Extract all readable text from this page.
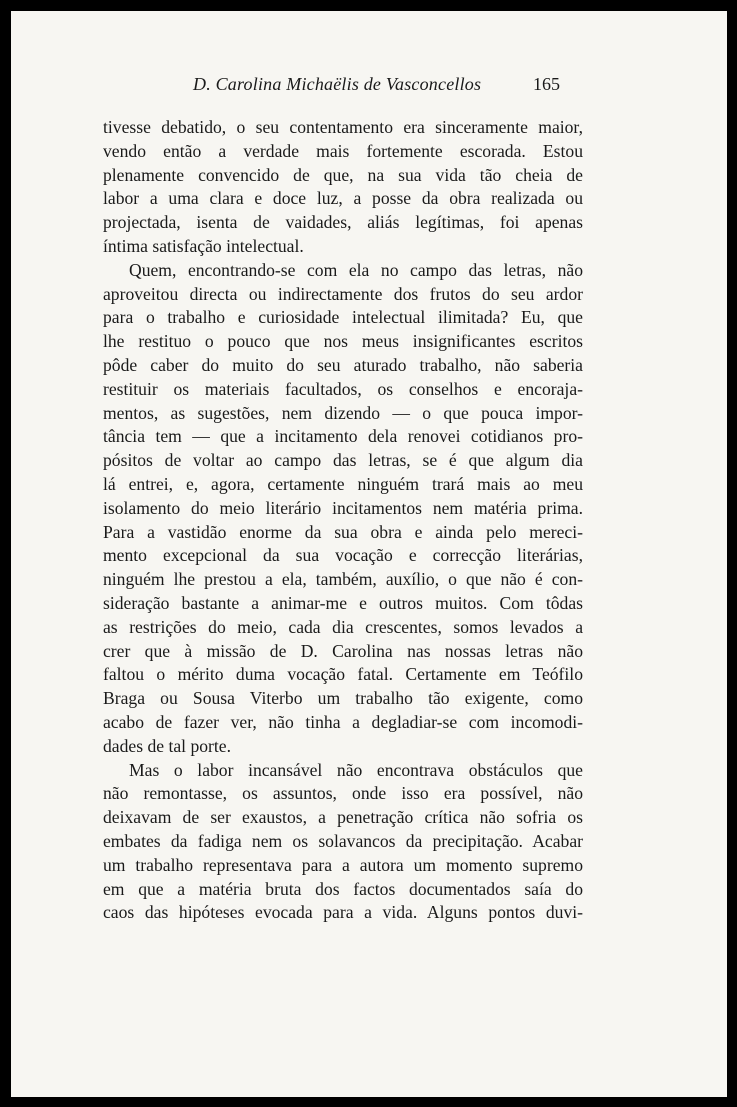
D. Carolina Michaëlis de Vasconcellos	165
tivesse debatido, o seu contentamento era sinceramente maior,
vendo então a verdade mais fortemente escorada. Estou
plenamente convencido de que, na sua vida tão cheia de
labor a uma clara e doce luz, a posse da obra realizada ou
projectada, isenta de vaidades, aliás legítimas, foi apenas
íntima satisfação intelectual.
Quem, encontrando-se com ela no campo das letras, não
aproveitou directa ou indirectamente dos frutos do seu ardor
para o trabalho e curiosidade intelectual ilimitada? Eu, que
lhe restituo o pouco que nos meus insignificantes escritos
pôde caber do muito do seu aturado trabalho, não saberia
restituir os materiais facultados, os conselhos e encoraja-
mentos, as sugestões, nem dizendo — o que pouca impor-
tância tem — que a incitamento dela renovei cotidianos pro-
pósitos de voltar ao campo das letras, se é que algum dia
lá entrei, e, agora, certamente ninguém trará mais ao meu
isolamento do meio literário incitamentos nem matéria prima.
Para a vastidão enorme da sua obra e ainda pelo mereci-
mento excepcional da sua vocação e correcção literárias,
ninguém lhe prestou a ela, também, auxílio, o que não é con-
sideração bastante a animar-me e outros muitos. Com tôdas
as restrições do meio, cada dia crescentes, somos levados a
crer que à missão de D. Carolina nas nossas letras não
faltou o mérito duma vocação fatal. Certamente em Teófilo
Braga ou Sousa Viterbo um trabalho tão exigente, como
acabo de fazer ver, não tinha a degladiar-se com incomodi-
dades de tal porte.
Mas o labor incansável não encontrava obstáculos que
não remontasse, os assuntos, onde isso era possível, não
deixavam de ser exaustos, a penetração crítica não sofria os
embates da fadiga nem os solavancos da precipitação. Acabar
um trabalho representava para a autora um momento supremo
em que a matéria bruta dos factos documentados saía do
caos das hipóteses evocada para a vida. Alguns pontos duvi-
